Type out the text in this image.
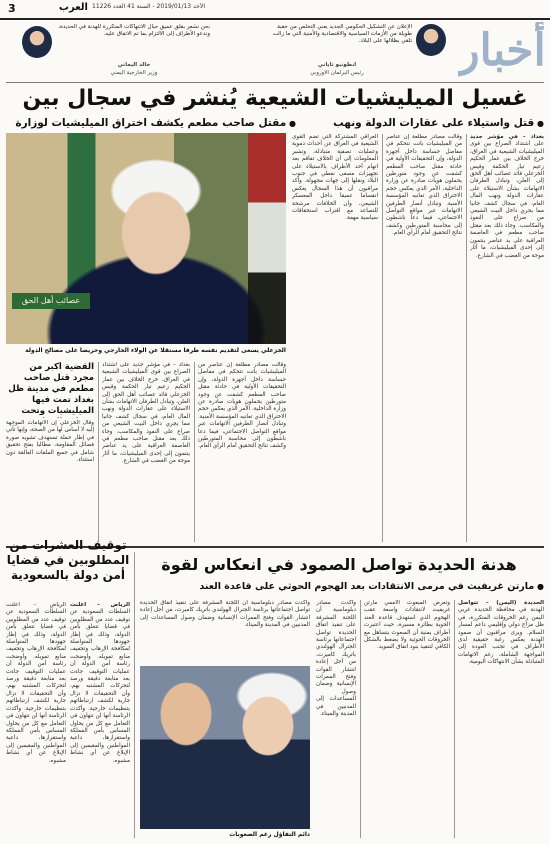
3	العرب الأحد 2019/01/13 - السنة 41 العدد 11226
الإعلان عن التشكيل الحكومي الجديد يعني التخلص من حقبة طويلة من الأزمات السياسية والاقتصادية والأمنية التي ما زالت تلقي بظلالها على البلاد.
أنطونيو تاياني
رئيس البرلمان الأوروبي
نحن نشعر بقلق عميق حيال الانتهاكات المتكررة للهدنة في الحديدة، وندعو الأطراف إلى الالتزام بما تم الاتفاق عليه.
خالد اليماني
وزير الخارجية اليمني	أخبار
غسيل الميليشيات الشيعية يُنشر في سجال بين
● قتل واستيلاء على عقارات الدولة ونهب
● مقتل صاحب مطعم يكشف اختراق الميليشيات لوزارة
بغداد – في مؤشر جديد على اشتداد الصراع بين قوى الميليشيات الشيعية في العراق، خرج الخلاف بين عمار الحكيم زعيم تيار الحكمة وقيس الخزعلي قائد عصائب أهل الحق إلى العلن، وتبادل الطرفان الاتهامات بشأن الاستيلاء على عقارات الدولة ونهب المال العام، في سجال كشف جانبا مما يجري داخل البيت الشيعي من صراع على النفوذ والمكاسب. وجاء ذلك بعد مقتل صاحب مطعم في العاصمة العراقية على يد عناصر ينتمون إلى إحدى الميليشيات، ما أثار موجة من الغضب في الشارع.
وقالت مصادر مطلعة إن عناصر من الميليشيات باتت تتحكم في مفاصل حساسة داخل أجهزة الدولة، وإن التحقيقات الأولية في حادثة مقتل صاحب المطعم كشفت عن وجود متورطين يحملون هويات صادرة عن وزارة الداخلية، الأمر الذي يعكس حجم الاختراق الذي تعانيه المؤسسة الأمنية. وتبادل أنصار الطرفين الاتهامات عبر مواقع التواصل الاجتماعي، فيما دعا ناشطون إلى محاسبة المتورطين وكشف نتائج التحقيق أمام الرأي العام.
العراقي المشتركة التي تضم القوى الشيعية في العراق عن أحداث دموية وعمليات تصفية متبادلة، وتشير المعلومات إلى أن الخلاف تفاقم بعد اتهام أحد الأطراف بالاستيلاء على تجهيزات مصفى نفطي في جنوب البلاد ونقلها إلى جهات مجهولة. وأكد مراقبون أن هذا السجال يعكس انقساما عميقا داخل المعسكر الشيعي، وأن الخلافات مرشحة للتصاعد مع اقتراب استحقاقات سياسية مهمة.
عصائب أهل الحق
الخزعلي يسعى لتقديم نفسه طرفا مستقلا عن الولاء الخارجي وحريصا على مصالح الدولة
القضية أكبر من مجرد قتل صاحب مطعم في مدينة ظل بغداد تمت فيها الميليشيات وتحت
وقال الخزعلي إن الاتهامات الموجهة إليه لا أساس لها من الصحة، وإنها تأتي في إطار حملة تستهدف تشويه صورة فصائل المقاومة، مطالبا بفتح تحقيق شامل في جميع الملفات العالقة دون استثناء.
بغداد – في مؤشر جديد على اشتداد الصراع بين قوى الميليشيات الشيعية في العراق، خرج الخلاف بين عمار الحكيم زعيم تيار الحكمة وقيس الخزعلي قائد عصائب أهل الحق إلى العلن، وتبادل الطرفان الاتهامات بشأن الاستيلاء على عقارات الدولة ونهب المال العام، في سجال كشف جانبا مما يجري داخل البيت الشيعي من صراع على النفوذ والمكاسب. وجاء ذلك بعد مقتل صاحب مطعم في العاصمة العراقية على يد عناصر ينتمون إلى إحدى الميليشيات، ما أثار موجة من الغضب في الشارع.
وقالت مصادر مطلعة إن عناصر من الميليشيات باتت تتحكم في مفاصل حساسة داخل أجهزة الدولة، وإن التحقيقات الأولية في حادثة مقتل صاحب المطعم كشفت عن وجود متورطين يحملون هويات صادرة عن وزارة الداخلية، الأمر الذي يعكس حجم الاختراق الذي تعانيه المؤسسة الأمنية. وتبادل أنصار الطرفين الاتهامات عبر مواقع التواصل الاجتماعي، فيما دعا ناشطون إلى محاسبة المتورطين وكشف نتائج التحقيق أمام الرأي العام.
هدنة الحديدة تواصل الصمود في انعكاس لقوة
● مارتن غريفيث في مرمى الانتقادات بعد الهجوم الحوثي على قاعدة العند
الحديدة (اليمن) – تتواصل الهدنة في محافظة الحديدة غربي اليمن رغم الخروقات المتكررة، في ظل مزاج دولي وإقليمي داعم لمسار السلام. ويرى مراقبون أن صمود الهدنة يعكس رغبة حقيقية لدى الأطراف في تجنب العودة إلى المواجهة الشاملة، رغم الاتهامات المتبادلة بشأن الانتهاكات اليومية.
وتعرض المبعوث الأممي مارتن غريفيث لانتقادات واسعة عقب الهجوم الذي استهدف قاعدة العند الجوية بطائرة مسيرة، حيث اعتبرت أطراف يمنية أن المبعوث يتساهل مع الخروقات الحوثية ولا يضغط بالشكل الكافي لتنفيذ بنود اتفاق السويد.
وأكدت مصادر دبلوماسية أن اللجنة المشرفة على تنفيذ اتفاق الحديدة تواصل اجتماعاتها برئاسة الجنرال الهولندي باتريك كاميرت، من أجل إعادة انتشار القوات وفتح الممرات الإنسانية وضمان وصول المساعدات إلى المدنيين في المدينة والميناء.
وأكدت مصادر دبلوماسية أن اللجنة المشرفة على تنفيذ اتفاق الحديدة تواصل اجتماعاتها برئاسة الجنرال الهولندي باتريك كاميرت، من أجل إعادة انتشار القوات وفتح الممرات الإنسانية وضمان وصول المساعدات إلى المدنيين في المدينة والميناء.
دائم التفاؤل رغم الصعوبات
توقيف العشرات من المطلوبين في قضايا أمن دولة بالسعودية
الرياض – أعلنت السلطات السعودية عن توقيف عدد من المطلوبين في قضايا تتعلق بأمن الدولة، وذلك في إطار جهودها المتواصلة لمكافحة الإرهاب وتجفيف منابع تمويله. وأوضحت رئاسة أمن الدولة أن عمليات التوقيف جاءت بعد متابعة دقيقة ورصد لتحركات المشتبه بهم، وأن التحقيقات لا تزال جارية لكشف ارتباطاتهم بتنظيمات خارجية. وأكدت الرئاسة أنها لن تتهاون في التعامل مع كل من يحاول المساس بأمن المملكة واستقرارها، داعية المواطنين والمقيمين إلى الإبلاغ عن أي نشاط مشبوه.
الرياض – أعلنت السلطات السعودية عن توقيف عدد من المطلوبين في قضايا تتعلق بأمن الدولة، وذلك في إطار جهودها المتواصلة لمكافحة الإرهاب وتجفيف منابع تمويله. وأوضحت رئاسة أمن الدولة أن عمليات التوقيف جاءت بعد متابعة دقيقة ورصد لتحركات المشتبه بهم، وأن التحقيقات لا تزال جارية لكشف ارتباطاتهم بتنظيمات خارجية. وأكدت الرئاسة أنها لن تتهاون في التعامل مع كل من يحاول المساس بأمن المملكة واستقرارها، داعية المواطنين والمقيمين إلى الإبلاغ عن أي نشاط مشبوه.
